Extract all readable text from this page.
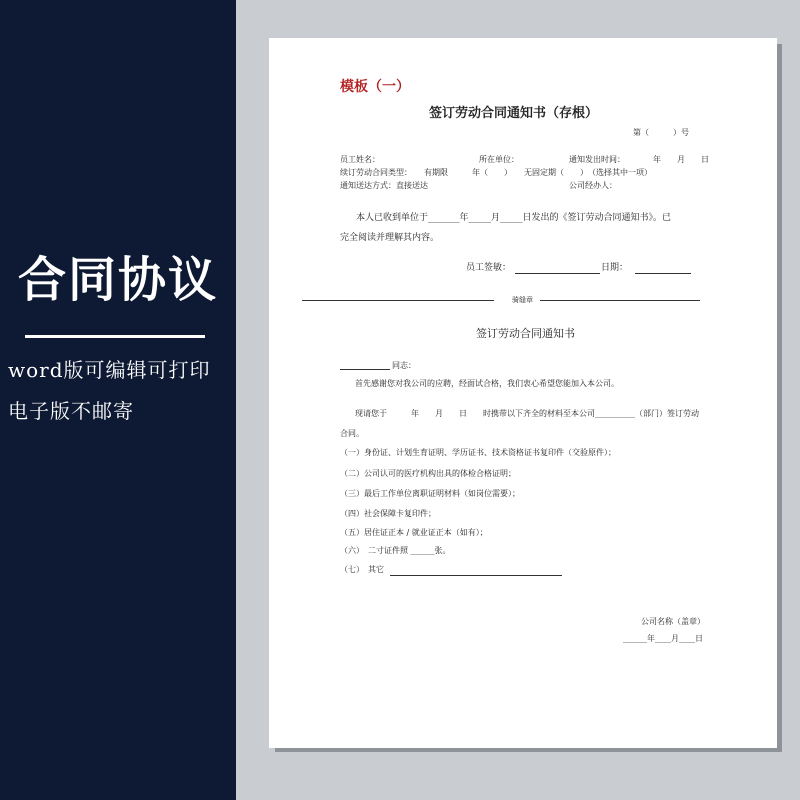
合同协议
word版可编辑可打印
电子版不邮寄
模板（一）
签订劳动合同通知书（存根）
第（　　　）号
员工姓名：	所在单位：	通知发出时间：　　　　年　　月　　日
续订劳动合同类型：　　有期限　　　年（　　）　　无固定期（　　）　（选择其中一项）
通知送达方式：直接送达	公司经办人：
本人已收到单位于_______年_____月_____日发出的《签订劳动合同通知书》。已
完全阅读并理解其内容。
员工签敏：	日期：
骑缝章
签订劳动合同通知书
同志：
首先感谢您对我公司的应聘，经面试合格，我们衷心希望您能加入本公司。
现请您于　　　年　　月　　日　　时携带以下齐全的材料至本公司__________（部门）签订劳动
合同。
（一）身份证、计划生育证明、学历证书、技术资格证书复印件（交验原件）；
（二）公司认可的医疗机构出具的体检合格证明；
（三）最后工作单位离职证明材料（如岗位需要）；
（四）社会保障卡复印件；
（五）居住证正本 / 就业证正本（如有）；
（六）　二寸证件照 ______张。
（七）　其它
公司名称（盖章）
______年____月____日
